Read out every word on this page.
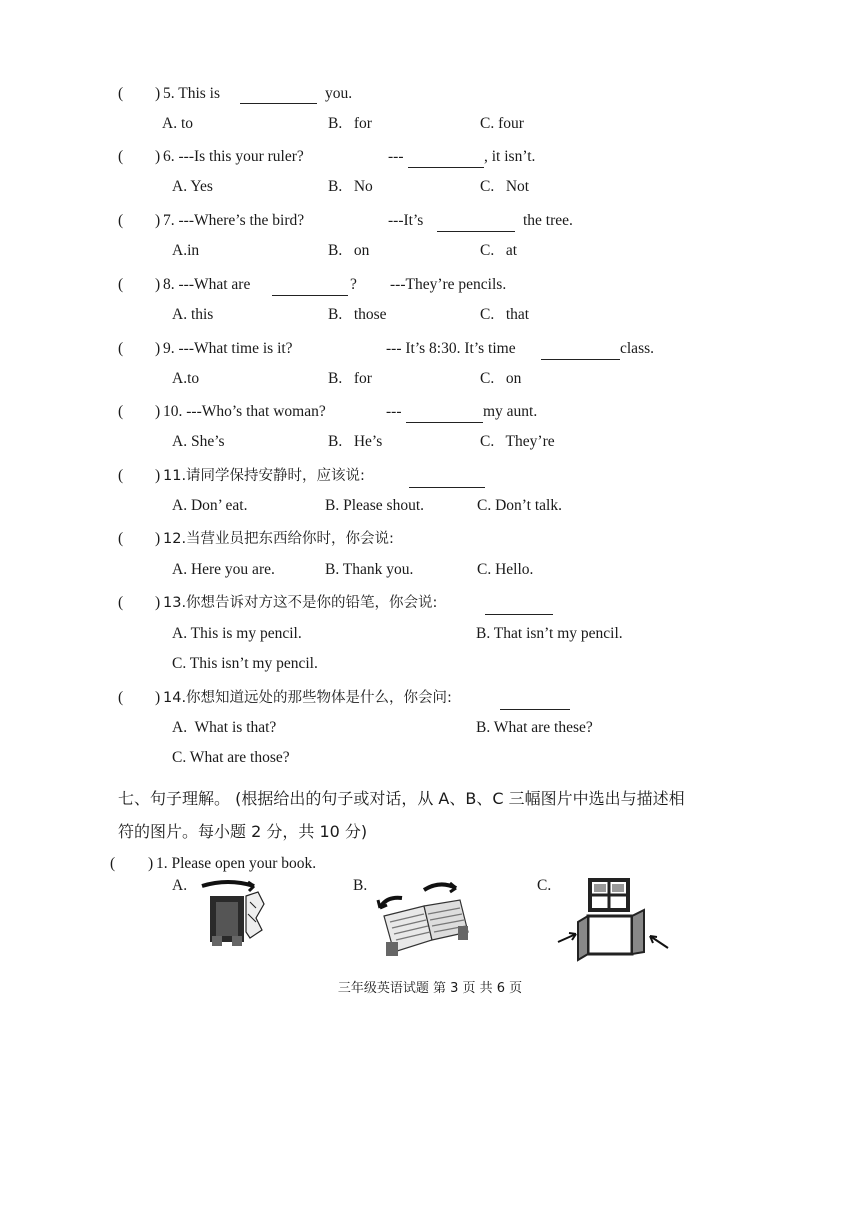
( ) 5. This is	you.
A. to	B.   for	C. four
( ) 6. ---Is this your ruler?	---	, it isn’t.
A. Yes	B.   No	C.   Not
( ) 7. ---Where’s the bird?	---It’s	the tree.
A.in	B.   on	C.   at
( ) 8. ---What are	? ---They’re pencils.
A. this	B.   those	C.   that
( ) 9. ---What time is it?	--- It’s 8:30. It’s time	class.
A.to	B.   for	C.   on
( ) 10. ---Who’s that woman?	---	my aunt.
A. She’s	B.   He’s	C.   They’re
( ) 11.请同学保持安静时，应该说:
A. Don’ eat.	B. Please shout.	C. Don’t talk.
( ) 12.当营业员把东西给你时，你会说:
A. Here you are.	B. Thank you.	C. Hello.
( ) 13.你想告诉对方这不是你的铅笔，你会说:
A. This is my pencil.	B. That isn’t my pencil.
C. This isn’t my pencil.
( ) 14.你想知道远处的那些物体是什么，你会问:
A.  What is that?	B. What are these?
C. What are those?
七、句子理解。 (根据给出的句子或对话，从 A、B、C 三幅图片中选出与描述相
符的图片。每小题 2 分，共 10 分)
( ) 1. Please open your book.
A.	B.	C.
三年级英语试题 第 3 页 共 6 页
